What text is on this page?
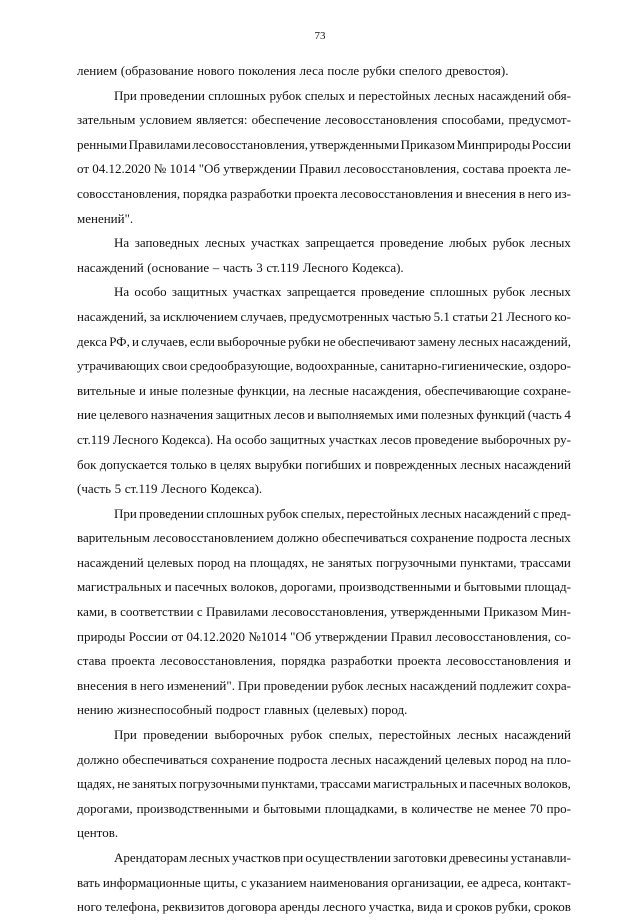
73
лением (образование нового поколения леса после рубки спелого древостоя).
При проведении сплошных рубок спелых и перестойных лесных насаждений обя-
зательным условием является: обеспечение лесовосстановления способами, предусмот-
ренными Правилами лесовосстановления, утвержденными Приказом Минприроды России
от 04.12.2020 № 1014 "Об утверждении Правил лесовосстановления, состава проекта ле-
совосстановления, порядка разработки проекта лесовосстановления и внесения в него из-
менений".
На заповедных лесных участках запрещается проведение любых рубок лесных
насаждений (основание – часть 3 ст.119 Лесного Кодекса).
На особо защитных участках запрещается проведение сплошных рубок лесных
насаждений, за исключением случаев, предусмотренных частью 5.1 статьи 21 Лесного ко-
декса РФ, и случаев, если выборочные рубки не обеспечивают замену лесных насаждений,
утрачивающих свои средообразующие, водоохранные, санитарно-гигиенические, оздоро-
вительные и иные полезные функции, на лесные насаждения, обеспечивающие сохране-
ние целевого назначения защитных лесов и выполняемых ими полезных функций (часть 4
ст.119 Лесного Кодекса). На особо защитных участках лесов проведение выборочных ру-
бок допускается только в целях вырубки погибших и поврежденных лесных насаждений
(часть 5 ст.119 Лесного Кодекса).
При проведении сплошных рубок спелых, перестойных лесных насаждений с пред-
варительным лесовосстановлением должно обеспечиваться сохранение подроста лесных
насаждений целевых пород на площадях, не занятых погрузочными пунктами, трассами
магистральных и пасечных волоков, дорогами, производственными и бытовыми площад-
ками, в соответствии с Правилами лесовосстановления, утвержденными Приказом Мин-
природы России от 04.12.2020 №1014 "Об утверждении Правил лесовосстановления, со-
става проекта лесовосстановления, порядка разработки проекта лесовосстановления и
внесения в него изменений". При проведении рубок лесных насаждений подлежит сохра-
нению жизнеспособный подрост главных (целевых) пород.
При проведении выборочных рубок спелых, перестойных лесных насаждений
должно обеспечиваться сохранение подроста лесных насаждений целевых пород на пло-
щадях, не занятых погрузочными пунктами, трассами магистральных и пасечных волоков,
дорогами, производственными и бытовыми площадками, в количестве не менее 70 про-
центов.
Арендаторам лесных участков при осуществлении заготовки древесины устанавли-
вать информационные щиты, с указанием наименования организации, ее адреса, контакт-
ного телефона, реквизитов договора аренды лесного участка, вида и сроков рубки, сроков
